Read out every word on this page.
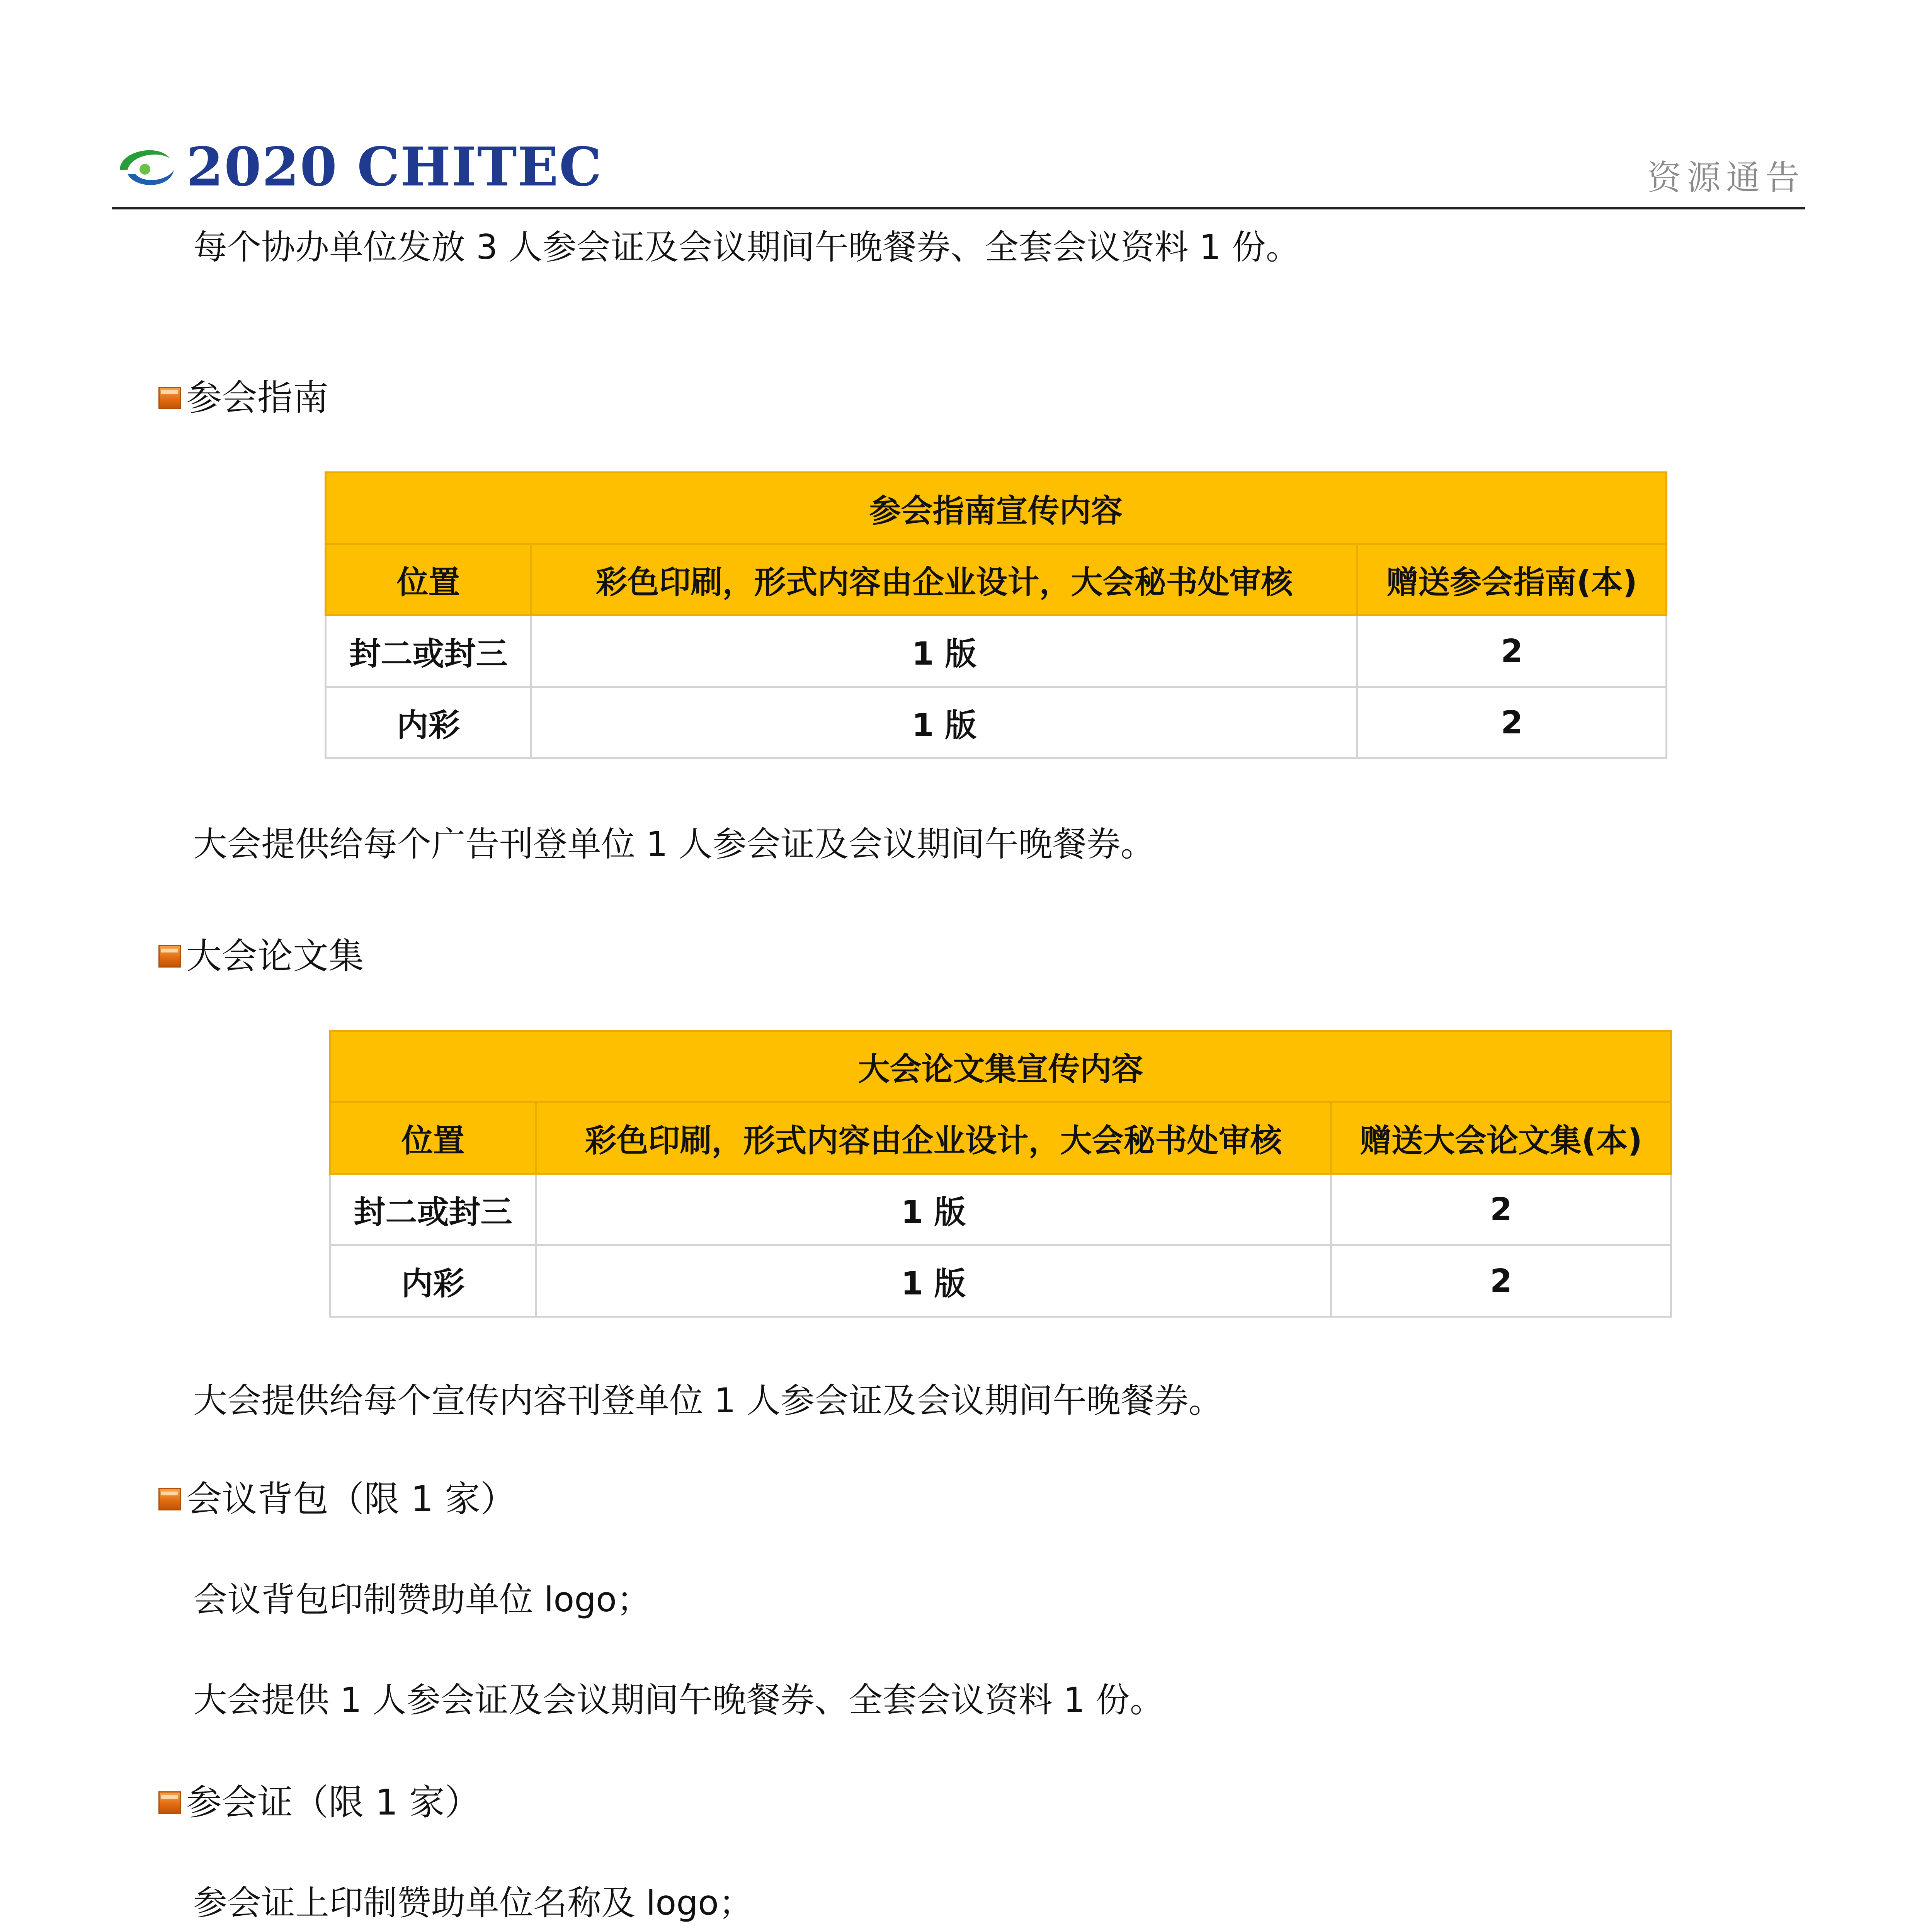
2020 CHITEC	资源通告
每个协办单位发放 3 人参会证及会议期间午晚餐券、全套会议资料 1 份。
参会指南
参会指南宣传内容		
位置	彩色印刷，形式内容由企业设计，大会秘书处审核	赠送参会指南(本)
封二或封三	1 版	2
内彩	1 版	2
大会提供给每个广告刊登单位 1 人参会证及会议期间午晚餐券。
大会论文集
大会论文集宣传内容		
位置	彩色印刷，形式内容由企业设计，大会秘书处审核	赠送大会论文集(本)
封二或封三	1 版	2
内彩	1 版	2
大会提供给每个宣传内容刊登单位 1 人参会证及会议期间午晚餐券。
会议背包（限 1 家）
会议背包印制赞助单位 logo；
大会提供 1 人参会证及会议期间午晚餐券、全套会议资料 1 份。
参会证（限 1 家）
参会证上印制赞助单位名称及 logo；
